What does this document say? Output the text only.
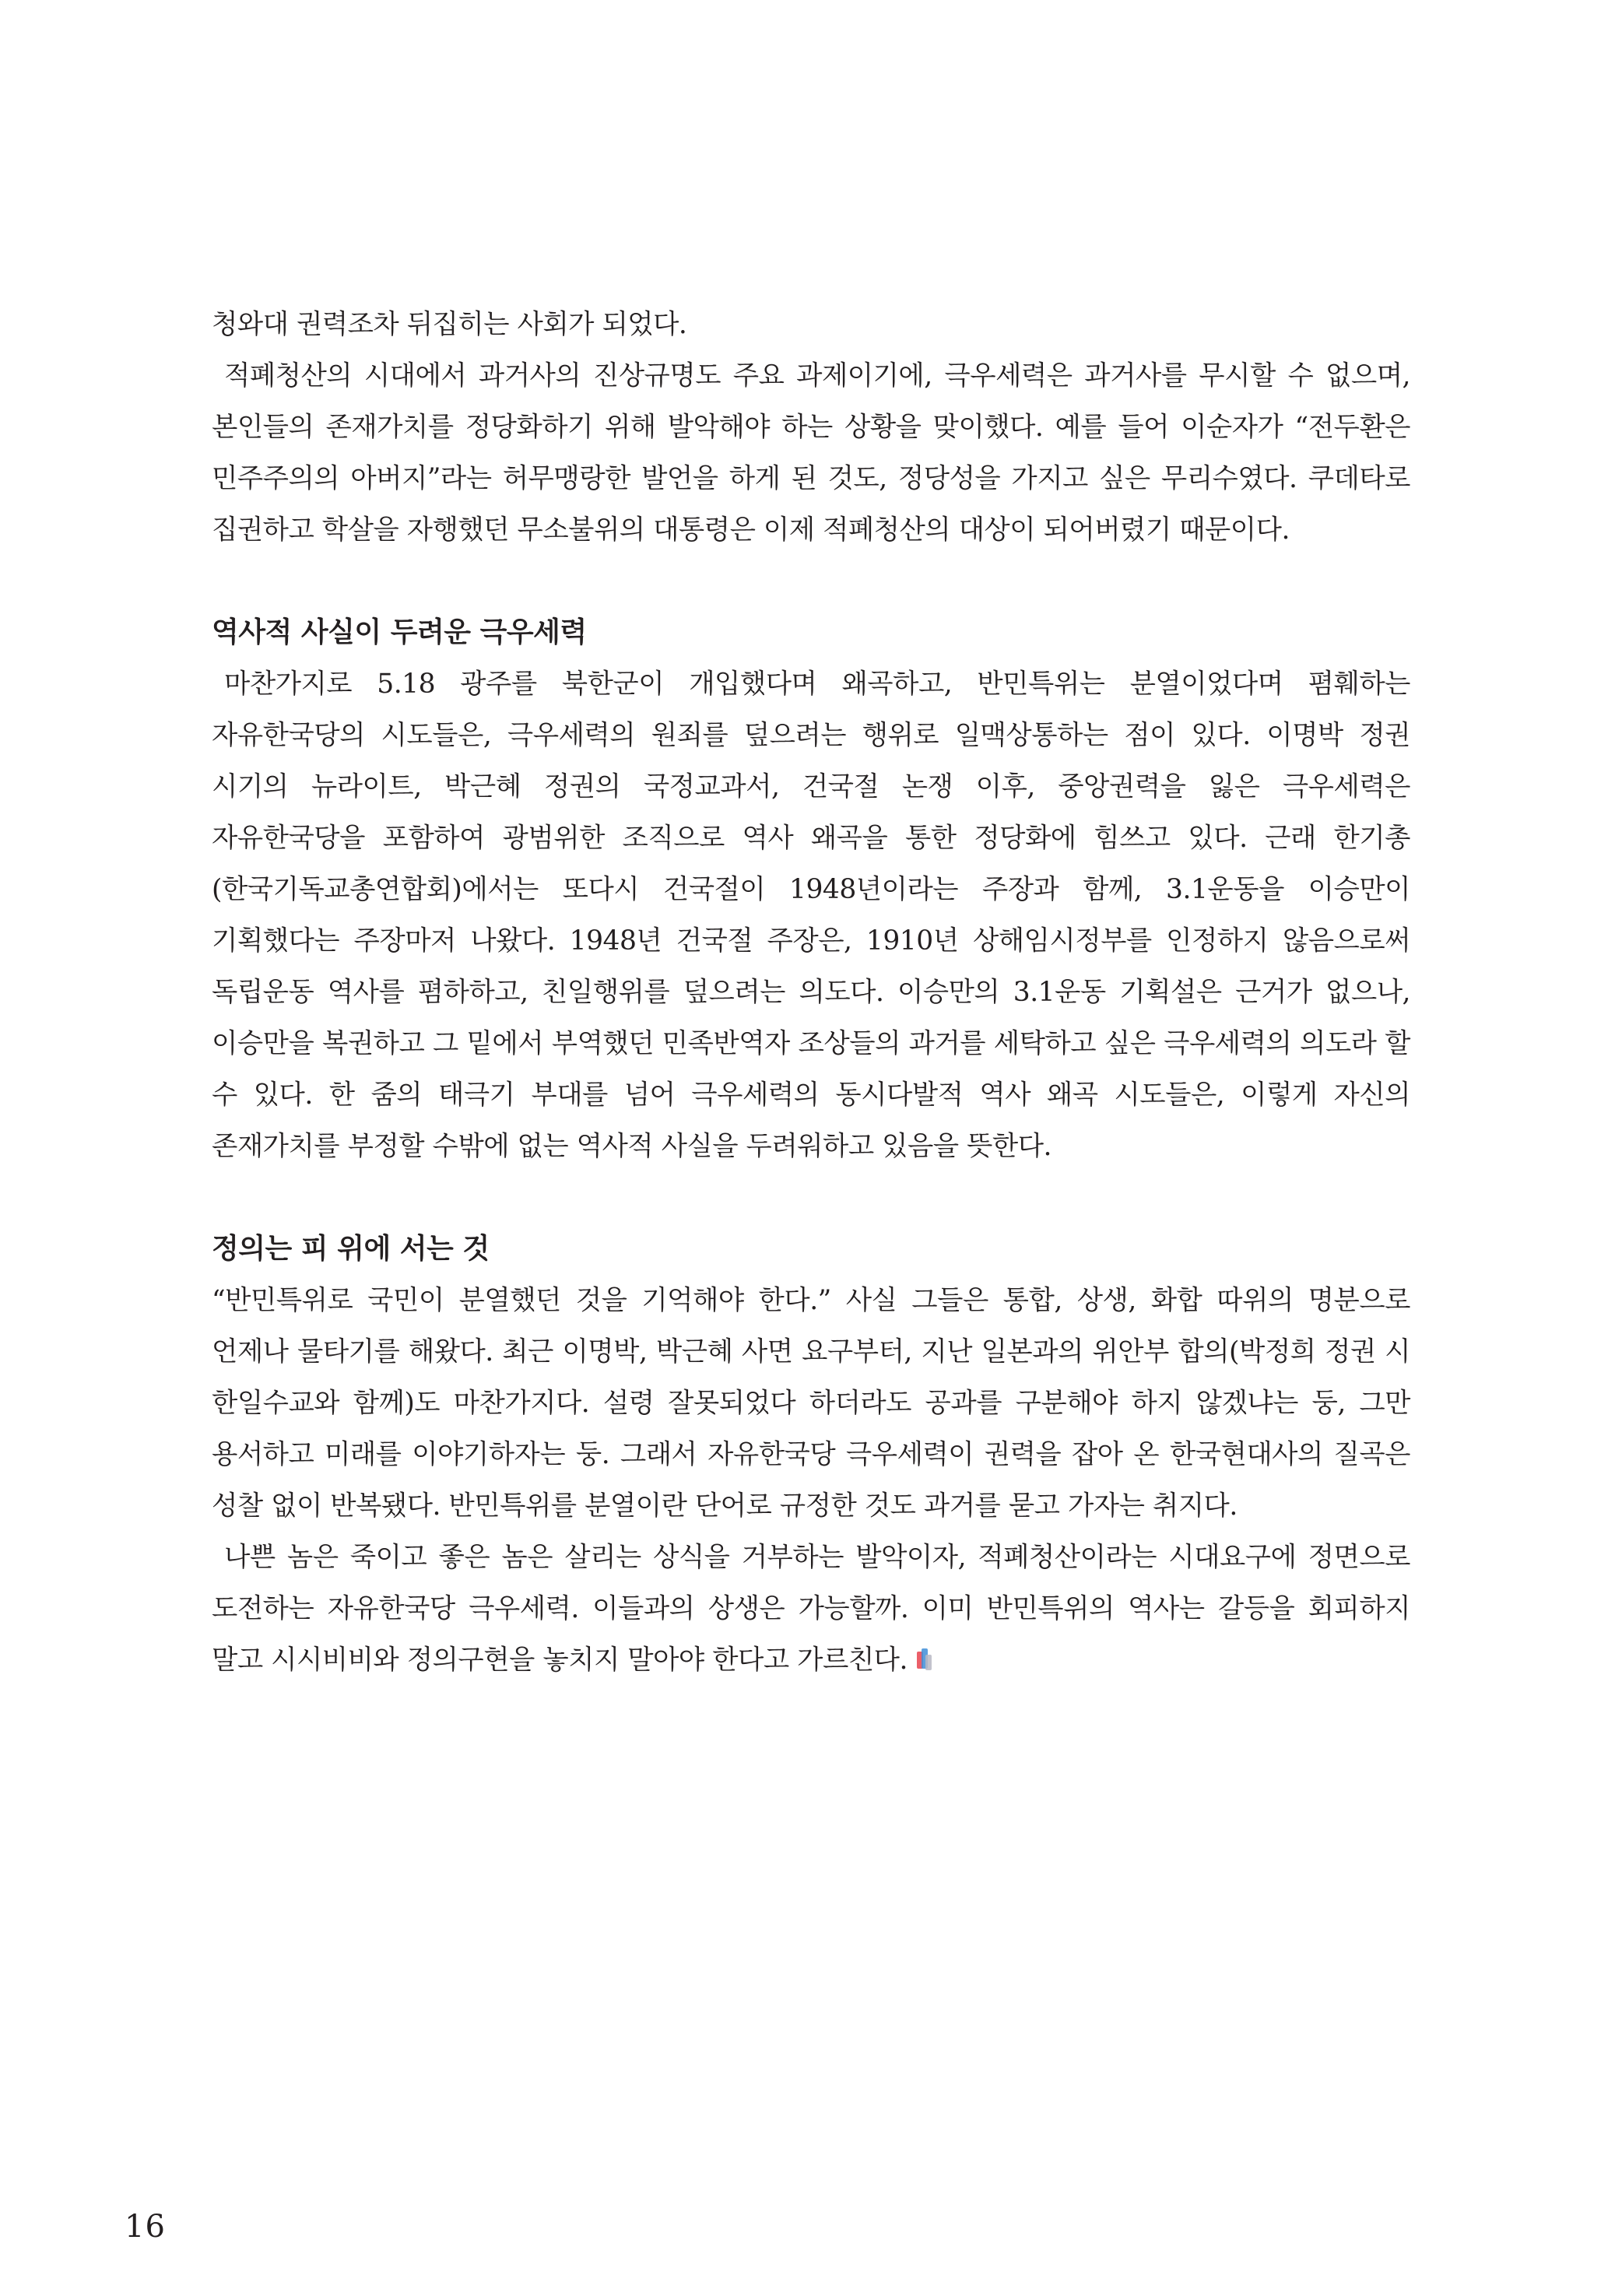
청와대 권력조차 뒤집히는 사회가 되었다.

적폐청산의 시대에서 과거사의 진상규명도 주요 과제이기에, 극우세력은 과거사를 무시할 수 없으며, 본인들의 존재가치를 정당화하기 위해 발악해야 하는 상황을 맞이했다. 예를 들어 이순자가 “전두환은 민주주의의 아버지”라는 허무맹랑한 발언을 하게 된 것도, 정당성을 가지고 싶은 무리수였다. 쿠데타로 집권하고 학살을 자행했던 무소불위의 대통령은 이제 적폐청산의 대상이 되어버렸기 때문이다.

역사적 사실이 두려운 극우세력

마찬가지로 5.18 광주를 북한군이 개입했다며 왜곡하고, 반민특위는 분열이었다며 폄훼하는 자유한국당의 시도들은, 극우세력의 원죄를 덮으려는 행위로 일맥상통하는 점이 있다. 이명박 정권 시기의 뉴라이트, 박근혜 정권의 국정교과서, 건국절 논쟁 이후, 중앙권력을 잃은 극우세력은 자유한국당을 포함하여 광범위한 조직으로 역사 왜곡을 통한 정당화에 힘쓰고 있다. 근래 한기총(한국기독교총연합회)에서는 또다시 건국절이 1948년이라는 주장과 함께, 3.1운동을 이승만이 기획했다는 주장마저 나왔다. 1948년 건국절 주장은, 1910년 상해임시정부를 인정하지 않음으로써 독립운동 역사를 폄하하고, 친일행위를 덮으려는 의도다. 이승만의 3.1운동 기획설은 근거가 없으나, 이승만을 복권하고 그 밑에서 부역했던 민족반역자 조상들의 과거를 세탁하고 싶은 극우세력의 의도라 할 수 있다. 한 줌의 태극기 부대를 넘어 극우세력의 동시다발적 역사 왜곡 시도들은, 이렇게 자신의 존재가치를 부정할 수밖에 없는 역사적 사실을 두려워하고 있음을 뜻한다.

정의는 피 위에 서는 것

“반민특위로 국민이 분열했던 것을 기억해야 한다.” 사실 그들은 통합, 상생, 화합 따위의 명분으로 언제나 물타기를 해왔다. 최근 이명박, 박근혜 사면 요구부터, 지난 일본과의 위안부 합의(박정희 정권 시 한일수교와 함께)도 마찬가지다. 설령 잘못되었다 하더라도 공과를 구분해야 하지 않겠냐는 둥, 그만 용서하고 미래를 이야기하자는 둥. 그래서 자유한국당 극우세력이 권력을 잡아 온 한국현대사의 질곡은 성찰 없이 반복됐다. 반민특위를 분열이란 단어로 규정한 것도 과거를 묻고 가자는 취지다.

나쁜 놈은 죽이고 좋은 놈은 살리는 상식을 거부하는 발악이자, 적폐청산이라는 시대요구에 정면으로 도전하는 자유한국당 극우세력. 이들과의 상생은 가능할까. 이미 반민특위의 역사는 갈등을 회피하지 말고 시시비비와 정의구현을 놓치지 말아야 한다고 가르친다.

16
